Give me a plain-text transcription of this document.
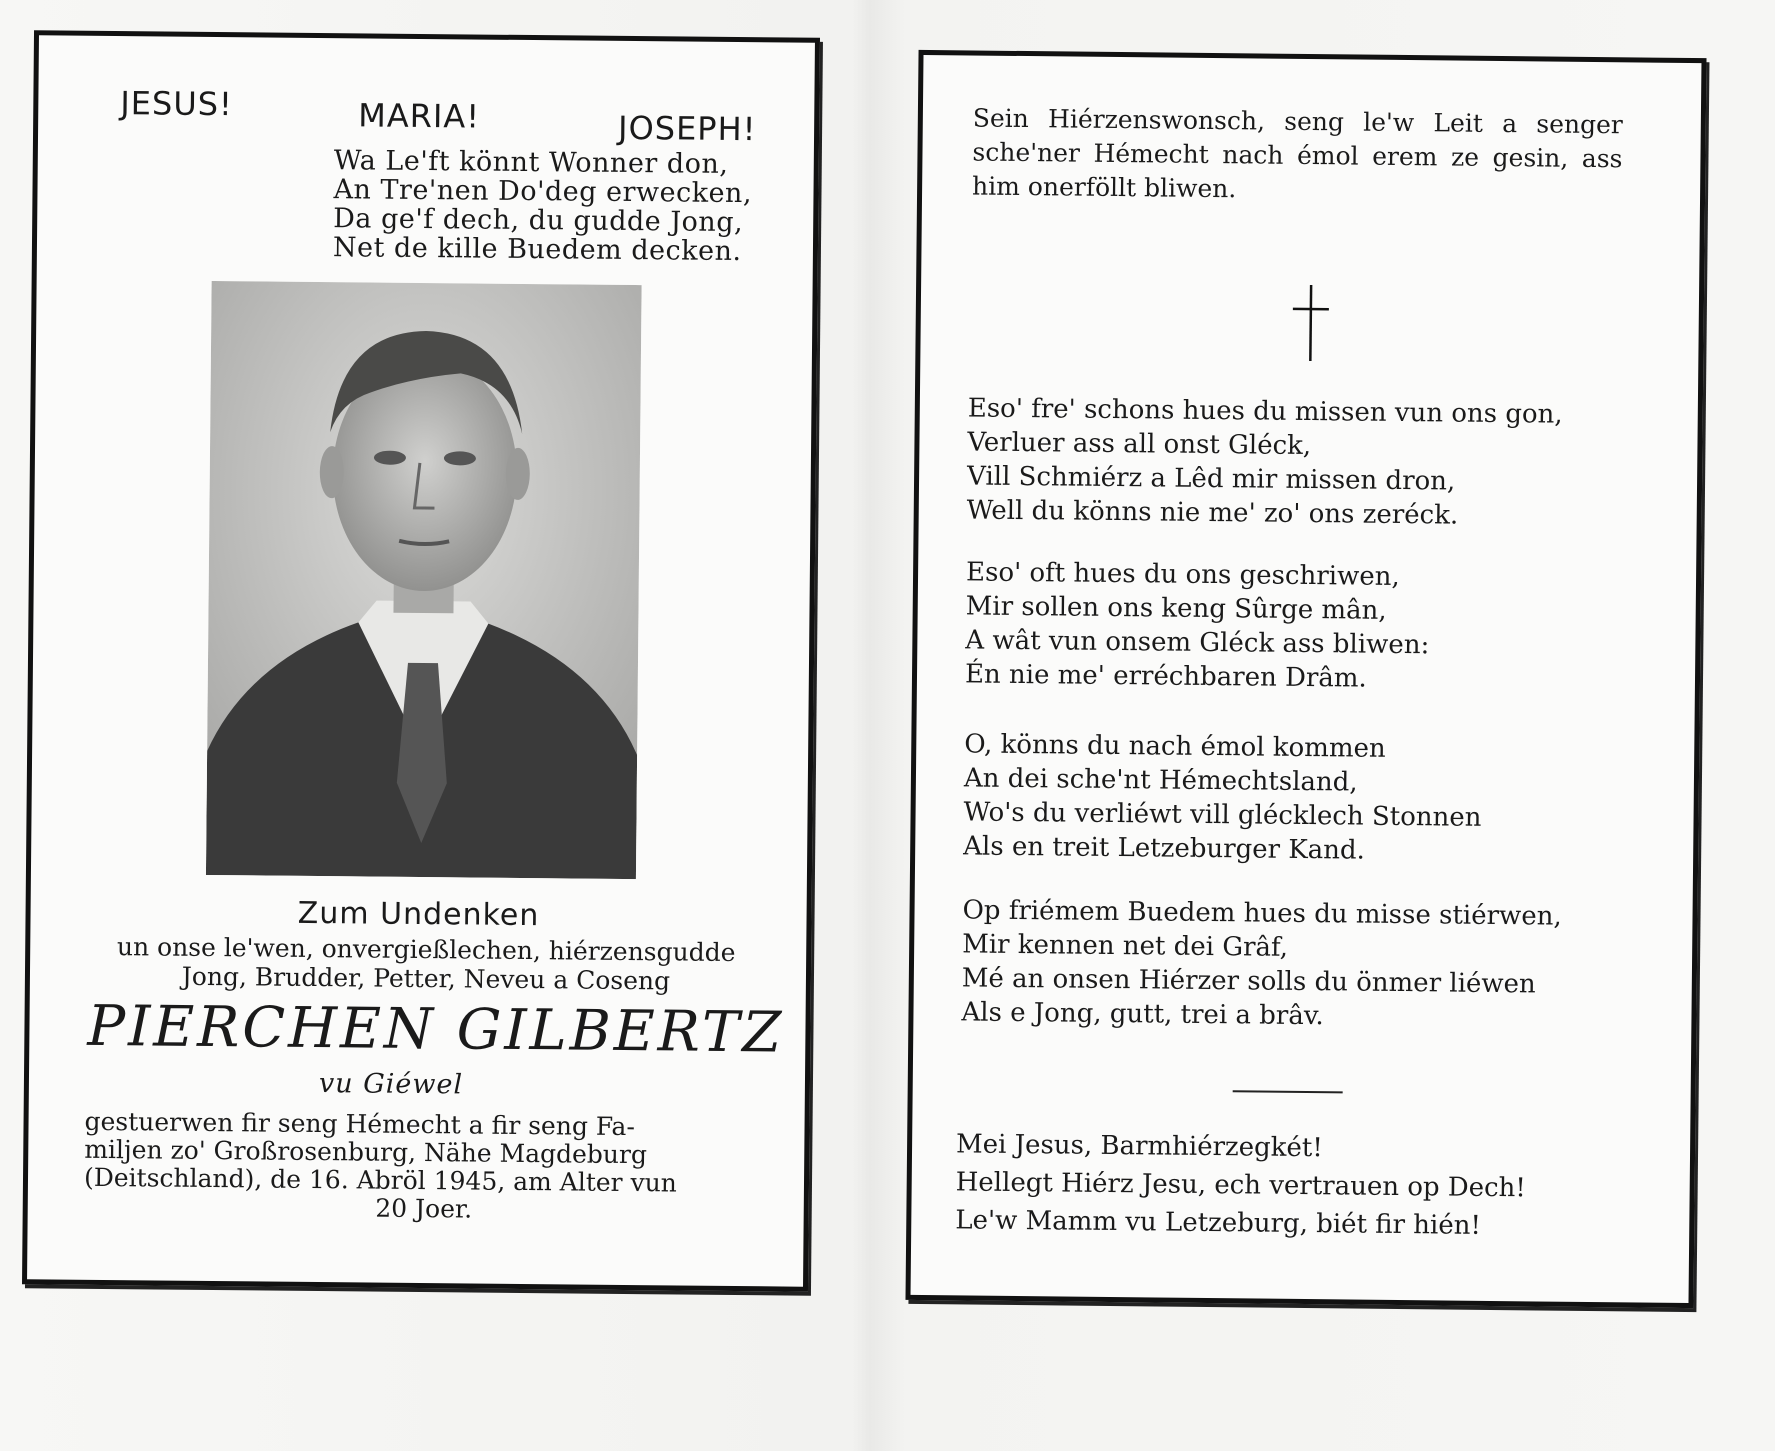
JESUS!	MARIA!	JOSEPH!
Wa Le'ft könnt Wonner don,
An Tre'nen Do'deg erwecken,
Da ge'f dech, du gudde Jong,
Net de kille Buedem decken.
Zum Undenken
un onse le'wen, onvergießlechen, hiérzensgudde
Jong, Brudder, Petter, Neveu a Coseng
PIERCHEN GILBERTZ
vu Giéwel
gestuerwen fir seng Hémecht a fir seng Fa-
miljen zo' Großrosenburg, Nähe Magdeburg
(Deitschland), de 16. Abröl 1945, am Alter vun
20 Joer.
Sein Hiérzenswonsch, seng le'w Leit a senger sche'ner Hémecht nach émol erem ze gesin, ass him onerföllt bliwen.
Eso' fre' schons hues du missen vun ons gon,
Verluer ass all onst Gléck,
Vill Schmiérz a Lêd mir missen dron,
Well du könns nie me' zo' ons zeréck.
Eso' oft hues du ons geschriwen,
Mir sollen ons keng Sûrge mân,
A wât vun onsem Gléck ass bliwen:
Én nie me' erréchbaren Drâm.
O, könns du nach émol kommen
An dei sche'nt Hémechtsland,
Wo's du verliéwt vill glécklech Stonnen
Als en treit Letzeburger Kand.
Op friémem Buedem hues du misse stiérwen,
Mir kennen net dei Grâf,
Mé an onsen Hiérzer solls du önmer liéwen
Als e Jong, gutt, trei a brâv.
Mei Jesus, Barmhiérzegkét!
Hellegt Hiérz Jesu, ech vertrauen op Dech!
Le'w Mamm vu Letzeburg, biét fir hién!
